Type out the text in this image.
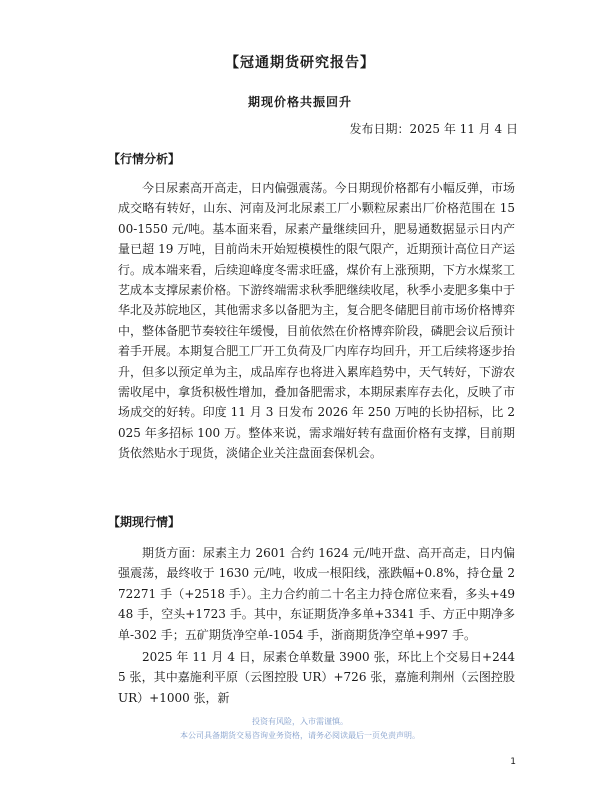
【冠通期货研究报告】
期现价格共振回升
发布日期：2025 年 11 月 4 日
【行情分析】

今日尿素高开高走，日内偏强震荡。今日期现价格都有小幅反弹，市场成交略有转好，山东、河南及河北尿素工厂小颗粒尿素出厂价格范围在 1500-1550 元/吨。基本面来看，尿素产量继续回升，肥易通数据显示日内产量已超 19 万吨，目前尚未开始短模模性的限气限产，近期预计高位日产运行。成本端来看，后续迎峰度冬需求旺盛，煤价有上涨预期，下方水煤浆工艺成本支撑尿素价格。下游终端需求秋季肥继续收尾，秋季小麦肥多集中于华北及苏皖地区，其他需求多以备肥为主，复合肥冬储肥目前市场价格博弈中，整体备肥节奏较往年缓慢，目前依然在价格博弈阶段，磷肥会议后预计着手开展。本期复合肥工厂开工负荷及厂内库存均回升，开工后续将逐步抬升，但多以预定单为主，成品库存也将进入累库趋势中，天气转好，下游农需收尾中，拿货积极性增加，叠加备肥需求，本期尿素库存去化，反映了市场成交的好转。印度 11 月 3 日发布 2026 年 250 万吨的长协招标，比 2025 年多招标 100 万。整体来说，需求端好转有盘面价格有支撑，目前期货依然贴水于现货，淡储企业关注盘面套保机会。

【期现行情】

期货方面：尿素主力 2601 合约 1624 元/吨开盘、高开高走，日内偏强震荡，最终收于 1630 元/吨，收成一根阳线，涨跌幅+0.8%，持仓量 272271 手（+2518 手）。主力合约前二十名主力持仓席位来看，多头+4948 手，空头+1723 手。其中，东证期货净多单+3341 手、方正中期净多单-302 手；五矿期货净空单-1054 手，浙商期货净空单+997 手。

2025 年 11 月 4 日，尿素仓单数量 3900 张，环比上个交易日+2445 张，其中嘉施利平原（云图控股 UR）+726 张，嘉施利荆州（云图控股 UR）+1000 张，新

投资有风险，入市需谨慎。
本公司具备期货交易咨询业务资格，请务必阅读最后一页免责声明。
1
